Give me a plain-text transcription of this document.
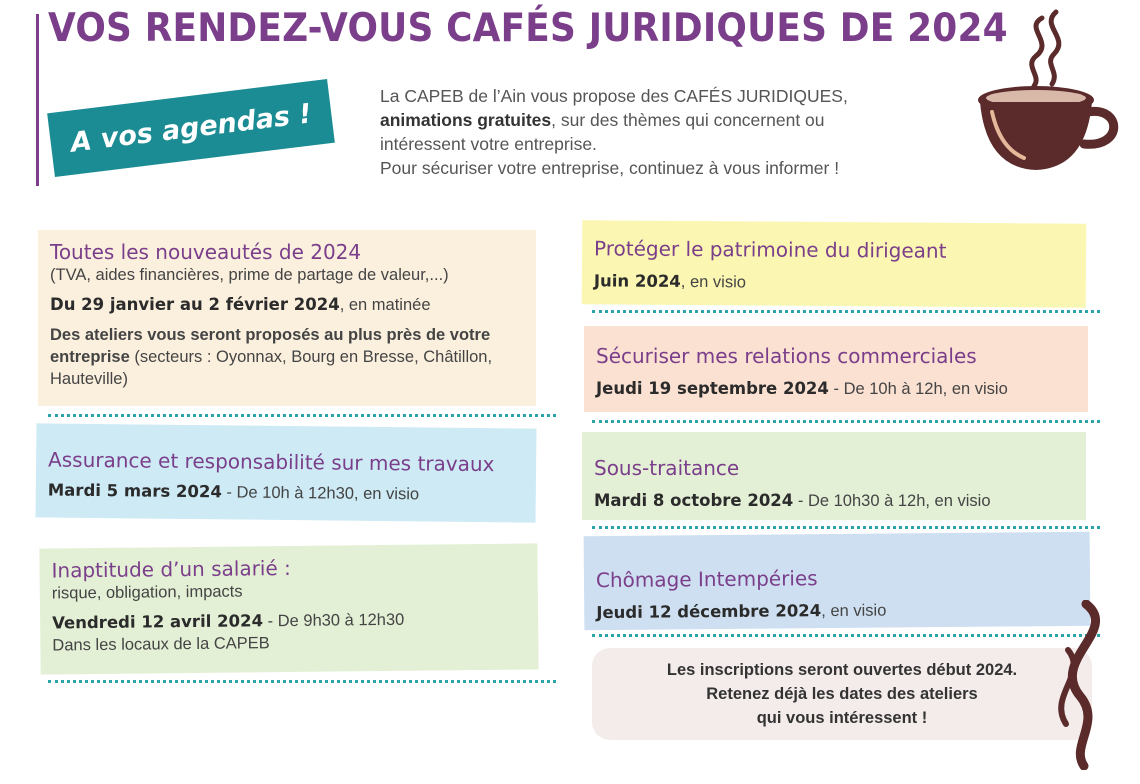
VOS RENDEZ-VOUS CAFÉS JURIDIQUES DE 2024
A vos agendas !

La CAPEB de l’Ain vous propose des CAFÉS JURIDIQUES,

animations gratuites, sur des thèmes qui concernent ou

intéressent votre entreprise.

Pour sécuriser votre entreprise, continuez à vous informer !

Toutes les nouveautés de 2024
(TVA, aides financières, prime de partage de valeur,...)
Du 29 janvier au 2 février 2024, en matinée
Des ateliers vous seront proposés au plus près de votre entreprise (secteurs : Oyonnax, Bourg en Bresse, Châtillon, Hauteville)
Assurance et responsabilité sur mes travaux
Mardi 5 mars 2024 - De 10h à 12h30, en visio
Inaptitude d’un salarié :
risque, obligation, impacts
Vendredi 12 avril 2024 - De 9h30 à 12h30
Dans les locaux de la CAPEB
Protéger le patrimoine du dirigeant
Juin 2024, en visio
Sécuriser mes relations commerciales
Jeudi 19 septembre 2024 - De 10h à 12h, en visio
Sous-traitance
Mardi 8 octobre 2024 - De 10h30 à 12h, en visio
Chômage Intempéries
Jeudi 12 décembre 2024, en visio
Les inscriptions seront ouvertes début 2024.
Retenez déjà les dates des ateliers
qui vous intéressent !
